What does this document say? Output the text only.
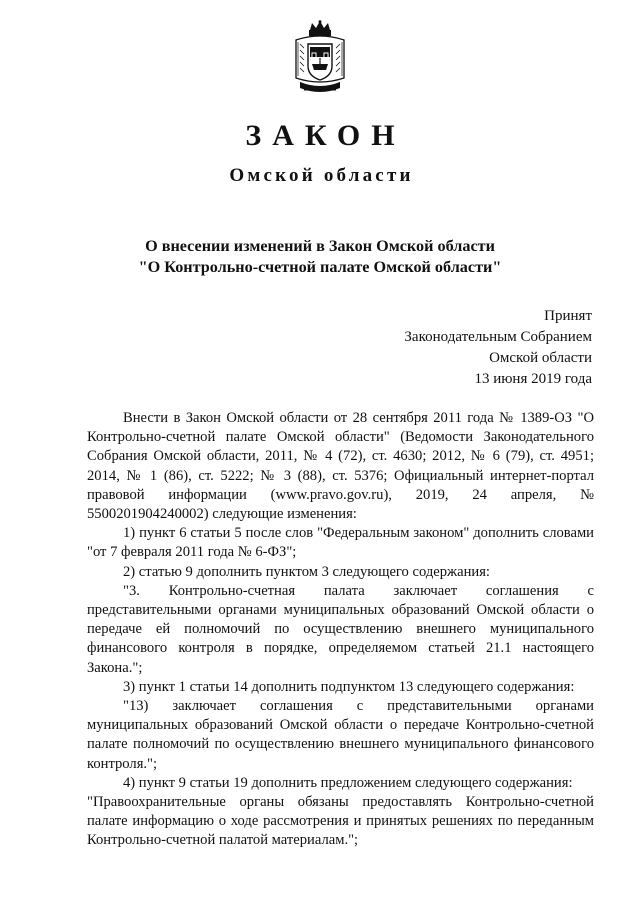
ЗАКОН
Омской области
О внесении изменений в Закон Омской области
"О Контрольно-счетной палате Омской области"
Принят
Законодательным Собранием
Омской области
13 июня 2019 года

Внести в Закон Омской области от 28 сентября 2011 года № 1389-ОЗ "О Контрольно-счетной палате Омской области" (Ведомости Законодательного Собрания Омской области, 2011, № 4 (72), ст. 4630; 2012, № 6 (79), ст. 4951; 2014, № 1 (86), ст. 5222; № 3 (88), ст. 5376; Официальный интернет-портал правовой информации (www.pravo.gov.ru), 2019, 24 апреля, № 5500201904240002) следующие изменения:

1) пункт 6 статьи 5 после слов "Федеральным законом" дополнить словами "от 7 февраля 2011 года № 6-ФЗ";

2) статью 9 дополнить пунктом 3 следующего содержания:

"3. Контрольно-счетная палата заключает соглашения с представительными органами муниципальных образований Омской области о передаче ей полномочий по осуществлению внешнего муниципального финансового контроля в порядке, определяемом статьей 21.1 настоящего Закона.";

3) пункт 1 статьи 14 дополнить подпунктом 13 следующего содержания:

"13) заключает соглашения с представительными органами муниципальных образований Омской области о передаче Контрольно-счетной палате полномочий по осуществлению внешнего муниципального финансового контроля.";

4) пункт 9 статьи 19 дополнить предложением следующего содержания:

"Правоохранительные органы обязаны предоставлять Контрольно-счетной палате информацию о ходе рассмотрения и принятых решениях по переданным Контрольно-счетной палатой материалам.";
